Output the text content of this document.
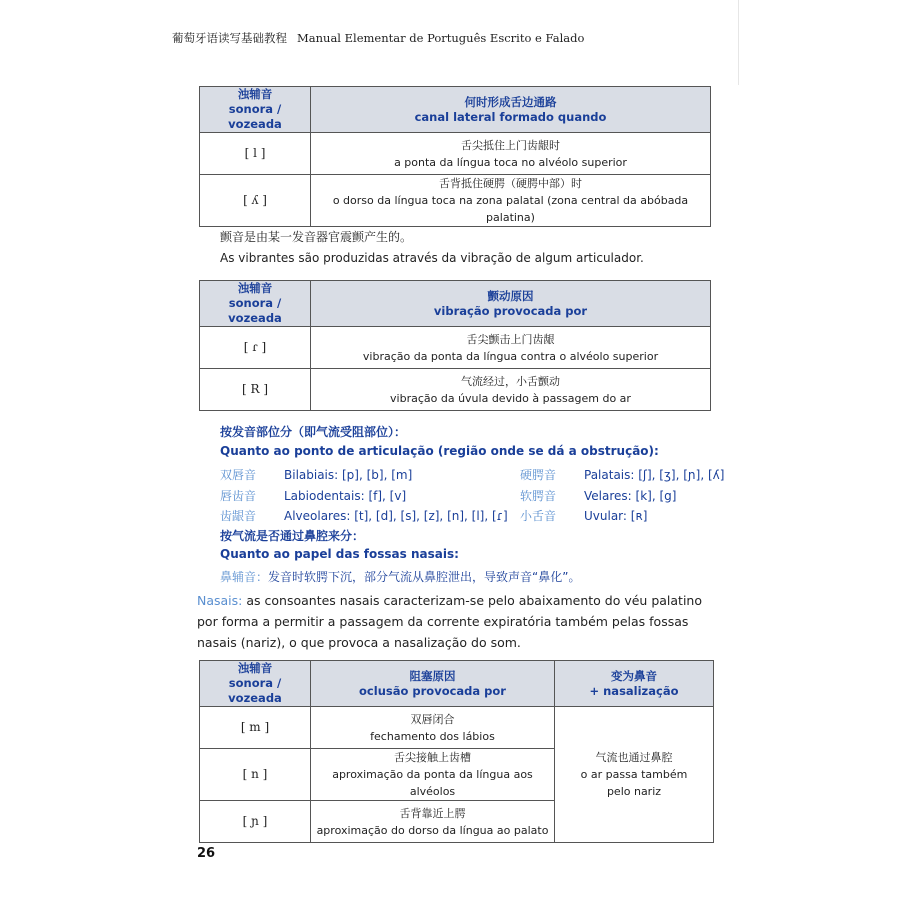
葡萄牙语读写基础教程 Manual Elementar de Português Escrito e Falado
浊辅音
sonora / vozeada	何时形成舌边通路
canal lateral formado quando

[ l ]	舌尖抵住上门齿龈时
a ponta da língua toca no alvéolo superior

[ ʎ ]	舌背抵住硬腭（硬腭中部）时
o dorso da língua toca na zona palatal (zona central da abóbada palatina)
颤音是由某一发音器官震颤产生的。
As vibrantes são produzidas através da vibração de algum articulador.
浊辅音
sonora / vozeada	颤动原因
vibração provocada por

[ ɾ ]	舌尖颤击上门齿龈
vibração da ponta da língua contra o alvéolo superior

[ R ]	气流经过，小舌颤动
vibração da úvula devido à passagem do ar
按发音部位分（即气流受阻部位）：
Quanto ao ponto de articulação (região onde se dá a obstrução):
双唇音 Bilabiais: [p], [b], [m]
唇齿音 Labiodentais: [f], [v]
齿龈音 Alveolares: [t], [d], [s], [z], [n], [l], [ɾ]
硬腭音 Palatais: [ʃ], [ʒ], [ɲ], [ʎ]
软腭音 Velares: [k], [g]
小舌音 Uvular: [ʀ]
按气流是否通过鼻腔来分：
Quanto ao papel das fossas nasais:
鼻辅音：发音时软腭下沉，部分气流从鼻腔泄出，导致声音“鼻化”。
Nasais: as consoantes nasais caracterizam-se pelo abaixamento do véu palatino por forma a permitir a passagem da corrente expiratória também pelas fossas nasais (nariz), o que provoca a nasalização do som.
浊辅音
sonora / vozeada	阻塞原因
oclusão provocada por	变为鼻音
+ nasalização

[ m ]	双唇闭合
fechamento dos lábios	气流也通过鼻腔
o ar passa também
pelo nariz

[ n ]	舌尖接触上齿槽
aproximação da ponta da língua aos alvéolos	

[ ɲ ]	舌背靠近上腭
aproximação do dorso da língua ao palato	
26
